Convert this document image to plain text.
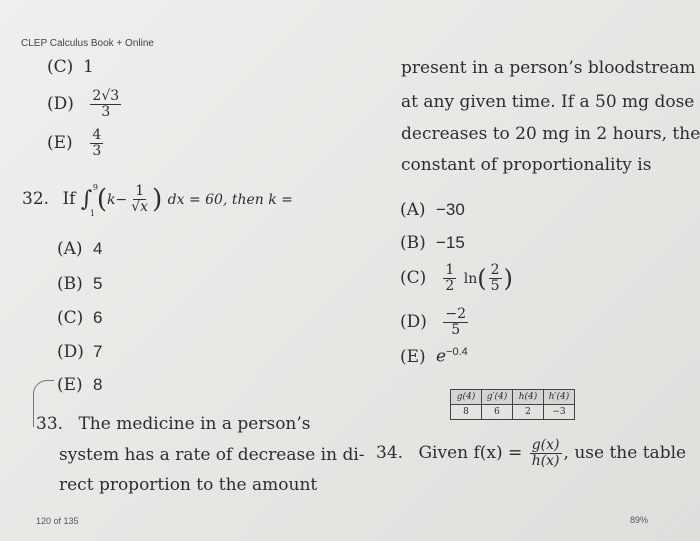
CLEP Calculus Book + Online
(C) 1
$(D) \frac{2√3}{3}$
$(E) \frac{4}{3}$
32. If ∫ 9
1 ($k- \frac{1}{√x}$ ) dx = 60, then k =
(A) 4
(B) 5
(C) 6
(D) 7
(E) 8
33. The medicine in a person’s
system has a rate of decrease in di-
rect proportion to the amount
present in a person’s bloodstream
at any given time. If a 50 mg dose
decreases to 20 mg in 2 hours, the
constant of proportionality is
(A) −30
(B) −15
$(C) \frac{1}{2} \ln( \frac{2}{5}$ )
$(D) \frac{-2}{5}$
(E) $e^{-0.4}$
g(4)	g′(4)	h(4)	h′(4)
8	6	2	−3
34. Given $f(x) = \frac{g(x)}{h(x)}$ , use the table
120 of 135	89%
